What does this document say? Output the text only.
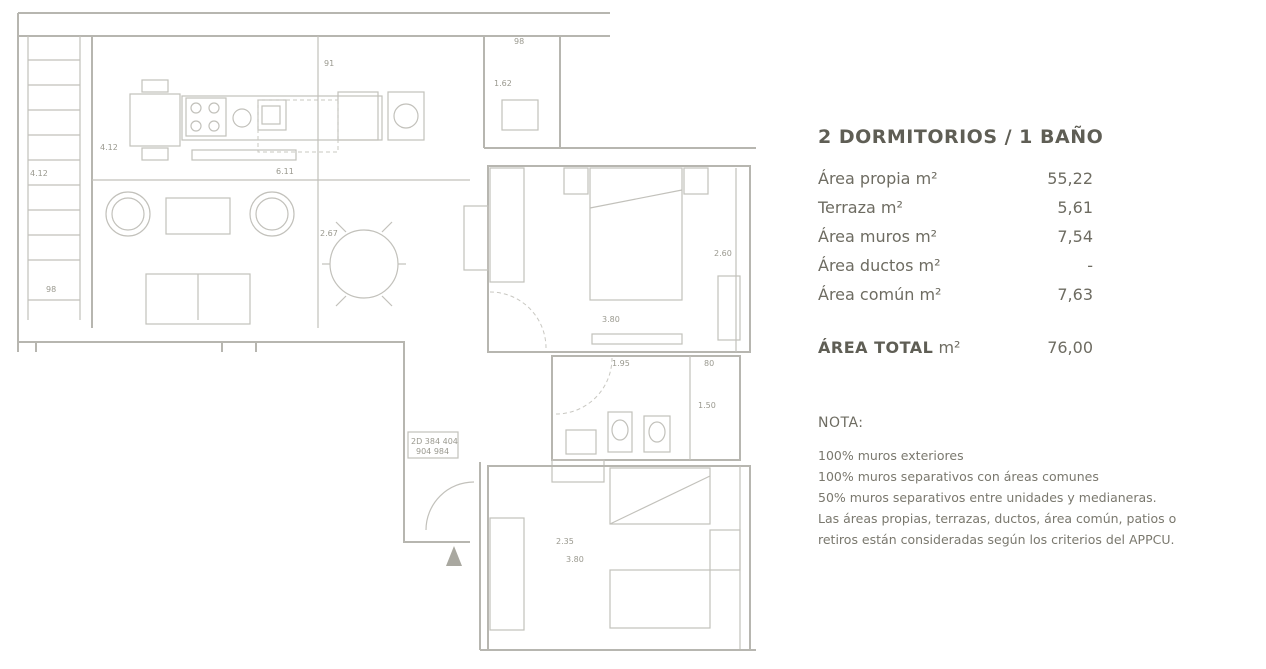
98
91
1.62
4.12
4.12	6.11
2.67
2.60
3.80
98
1.95	80
1.50
2.35
3.80
2D 384 404
904 984
2 DORMITORIOS / 1 BAÑO
Área propia m²	55,22
Terraza m²	5,61
Área muros m²	7,54
Área ductos m²	-
Área común m²	7,63
ÁREA TOTAL m²	76,00
NOTA:
100% muros exteriores
100% muros separativos con áreas comunes
50% muros separativos entre unidades y medianeras.
Las áreas propias, terrazas, ductos, área común, patios o
retiros están consideradas según los criterios del APPCU.
